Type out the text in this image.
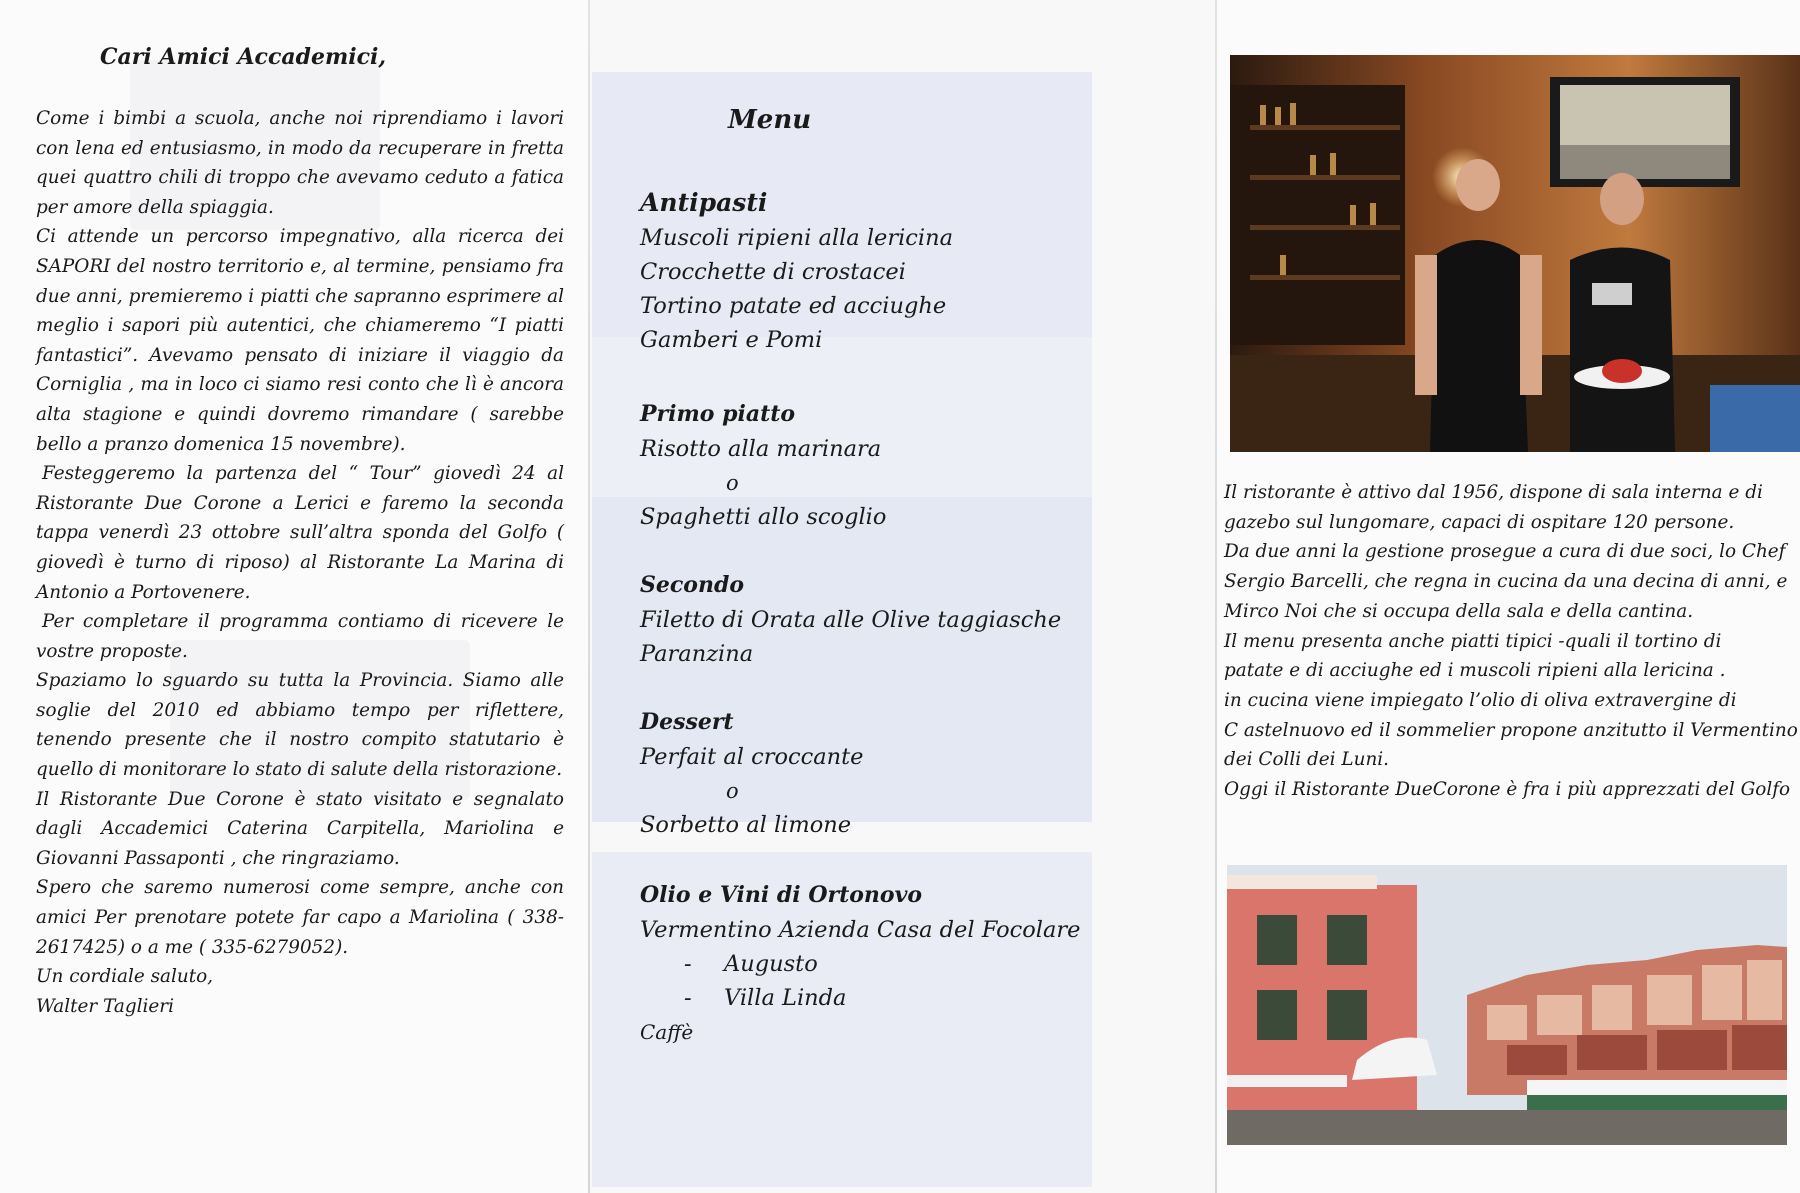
Cari Amici Accademici,

Come i bimbi a scuola, anche noi riprendiamo i lavori con lena ed entusiasmo, in modo da recuperare in fretta quei quattro chili di troppo che avevamo ceduto a fatica per amore della spiaggia.

Ci attende un percorso impegnativo, alla ricerca dei SAPORI del nostro territorio e, al termine, pensiamo fra due anni, premieremo i piatti che sapranno esprimere al meglio i sapori più autentici, che chiameremo “I piatti fantastici”. Avevamo pensato di iniziare il viaggio da Corniglia , ma in loco ci siamo resi conto che lì è ancora alta stagione e quindi dovremo rimandare ( sarebbe bello a pranzo domenica 15 novembre).

Festeggeremo la partenza del “ Tour” giovedì 24 al Ristorante Due Corone a Lerici e faremo la seconda tappa venerdì 23 ottobre sull’altra sponda del Golfo ( giovedì è turno di riposo) al Ristorante La Marina di Antonio a Portovenere.

Per completare il programma contiamo di ricevere le vostre proposte.

Spaziamo lo sguardo su tutta la Provincia. Siamo alle soglie del 2010 ed abbiamo tempo per riflettere, tenendo presente che il nostro compito statutario è quello di monitorare lo stato di salute della ristorazione.

Il Ristorante Due Corone è stato visitato e segnalato dagli Accademici Caterina Carpitella, Mariolina e Giovanni Passaponti , che ringraziamo.

Spero che saremo numerosi come sempre, anche con amici Per prenotare potete far capo a Mariolina ( 338-2617425) o a me ( 335-6279052).

Un cordiale saluto,

Walter Taglieri

Menu
Antipasti
Muscoli ripieni alla lericina
Crocchette di crostacei
Tortino patate ed acciughe
Gamberi e Pomi
Primo piatto
Risotto alla marinara
o
Spaghetti allo scoglio
Secondo
Filetto di Orata alle Olive taggiasche
Paranzina
Dessert
Perfait al croccante
o
Sorbetto al limone
Olio e Vini di Ortonovo
Vermentino Azienda Casa del Focolare
- Augusto
- Villa Linda
Caffè

Il ristorante è attivo dal 1956, dispone di sala interna e di

gazebo sul lungomare, capaci di ospitare 120 persone.

Da due anni la gestione prosegue a cura di due soci, lo Chef

Sergio Barcelli, che regna in cucina da una decina di anni, e

Mirco Noi che si occupa della sala e della cantina.

Il menu presenta anche piatti tipici -quali il tortino di

patate e di acciughe ed i muscoli ripieni alla lericina .

in cucina viene impiegato l’olio di oliva extravergine di

C astelnuovo ed il sommelier propone anzitutto il Vermentino

dei Colli dei Luni.

Oggi il Ristorante DueCorone è fra i più apprezzati del Golfo
